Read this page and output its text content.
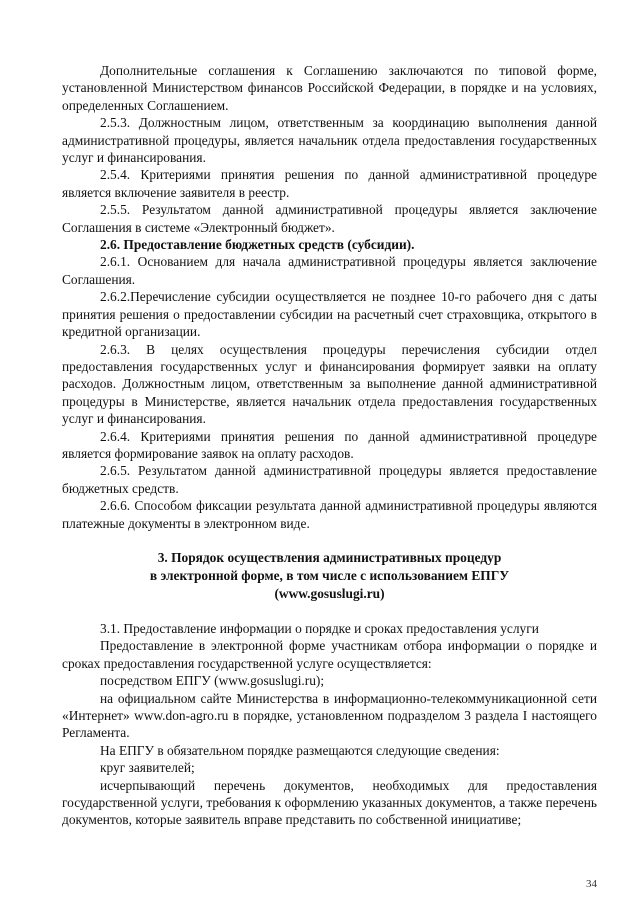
Дополнительные соглашения к Соглашению заключаются по типовой форме, установленной Министерством финансов Российской Федерации, в порядке и на условиях, определенных Соглашением.

2.5.3. Должностным лицом, ответственным за координацию выполнения данной административной процедуры, является начальник отдела предоставления государственных услуг и финансирования.

2.5.4. Критериями принятия решения по данной административной процедуре является включение заявителя в реестр.

2.5.5. Результатом данной административной процедуры является заключение Соглашения в системе «Электронный бюджет».

2.6. Предоставление бюджетных средств (субсидии).

2.6.1. Основанием для начала административной процедуры является заключение Соглашения.

2.6.2.Перечисление субсидии осуществляется не позднее 10-го рабочего дня с даты принятия решения о предоставлении субсидии на расчетный счет страховщика, открытого в кредитной организации.

2.6.3. В целях осуществления процедуры перечисления субсидии отдел предоставления государственных услуг и финансирования формирует заявки на оплату расходов. Должностным лицом, ответственным за выполнение данной административной процедуры в Министерстве, является начальник отдела предоставления государственных услуг и финансирования.

2.6.4. Критериями принятия решения по данной административной процедуре является формирование заявок на оплату расходов.

2.6.5. Результатом данной административной процедуры является предоставление бюджетных средств.

2.6.6. Способом фиксации результата данной административной процедуры являются платежные документы в электронном виде.

3. Порядок осуществления административных процедур
в электронной форме, в том числе с использованием ЕПГУ
(www.gosuslugi.ru)

3.1. Предоставление информации о порядке и сроках предоставления услуги

Предоставление в электронной форме участникам отбора информации о порядке и сроках предоставления государственной услуге осуществляется:

посредством ЕПГУ (www.gosuslugi.ru);

на официальном сайте Министерства в информационно-телекоммуникационной сети «Интернет» www.don-agro.ru в порядке, установленном подразделом 3 раздела I настоящего Регламента.

На ЕПГУ в обязательном порядке размещаются следующие сведения:

круг заявителей;

исчерпывающий перечень документов, необходимых для предоставления государственной услуги, требования к оформлению указанных документов, а также перечень документов, которые заявитель вправе представить по собственной инициативе;

34
